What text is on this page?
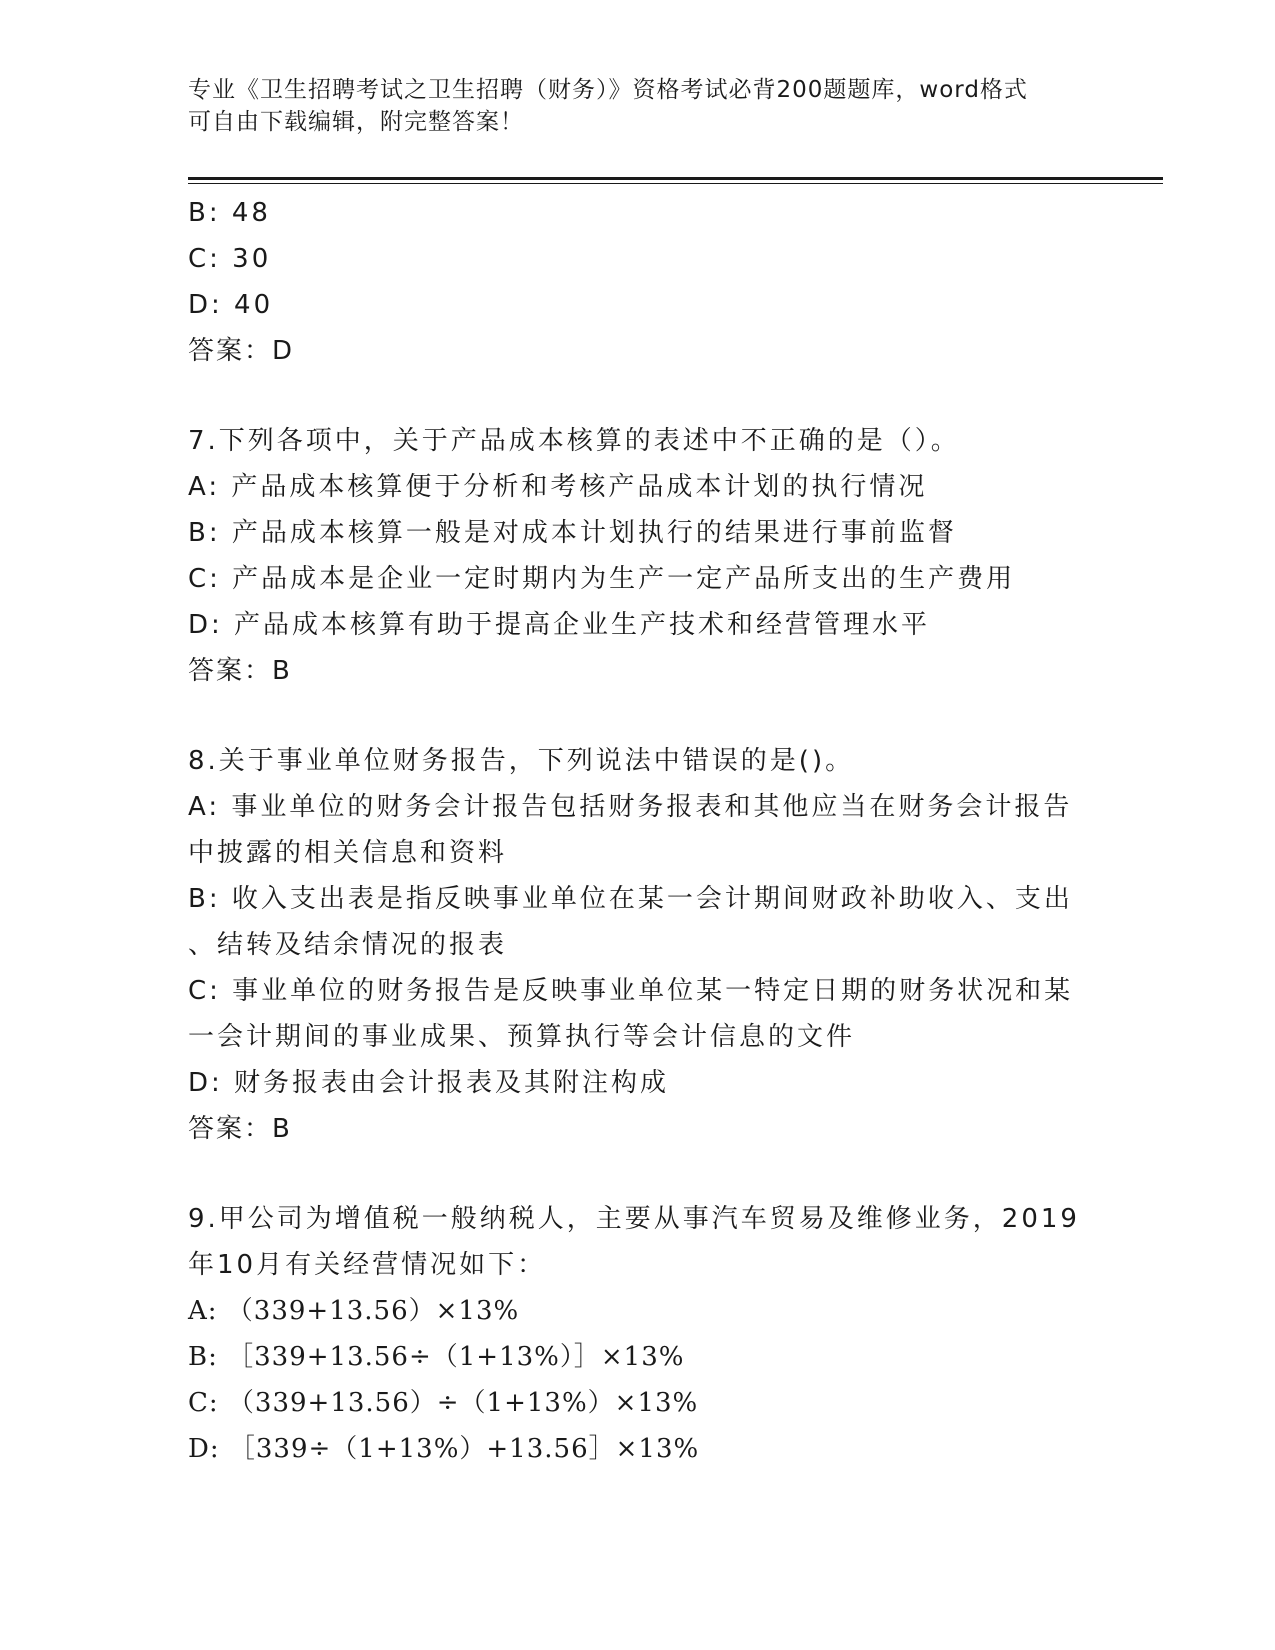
专业《卫生招聘考试之卫生招聘（财务）》资格考试必背200题题库，word格式
可自由下载编辑，附完整答案！
B: 48
C: 30
D: 40
答案：D
7.下列各项中，关于产品成本核算的表述中不正确的是（）。
A: 产品成本核算便于分析和考核产品成本计划的执行情况
B: 产品成本核算一般是对成本计划执行的结果进行事前监督
C: 产品成本是企业一定时期内为生产一定产品所支出的生产费用
D: 产品成本核算有助于提高企业生产技术和经营管理水平
答案：B
8.关于事业单位财务报告，下列说法中错误的是()。
A: 事业单位的财务会计报告包括财务报表和其他应当在财务会计报告
中披露的相关信息和资料
B: 收入支出表是指反映事业单位在某一会计期间财政补助收入、支出
、结转及结余情况的报表
C: 事业单位的财务报告是反映事业单位某一特定日期的财务状况和某
一会计期间的事业成果、预算执行等会计信息的文件
D: 财务报表由会计报表及其附注构成
答案：B
9.甲公司为增值税一般纳税人，主要从事汽车贸易及维修业务，2019
年10月有关经营情况如下：
A: （339+13.56）×13%
B: ［339+13.56÷（1+13%）］×13%
C: （339+13.56）÷（1+13%）×13%
D: ［339÷（1+13%）+13.56］×13%
